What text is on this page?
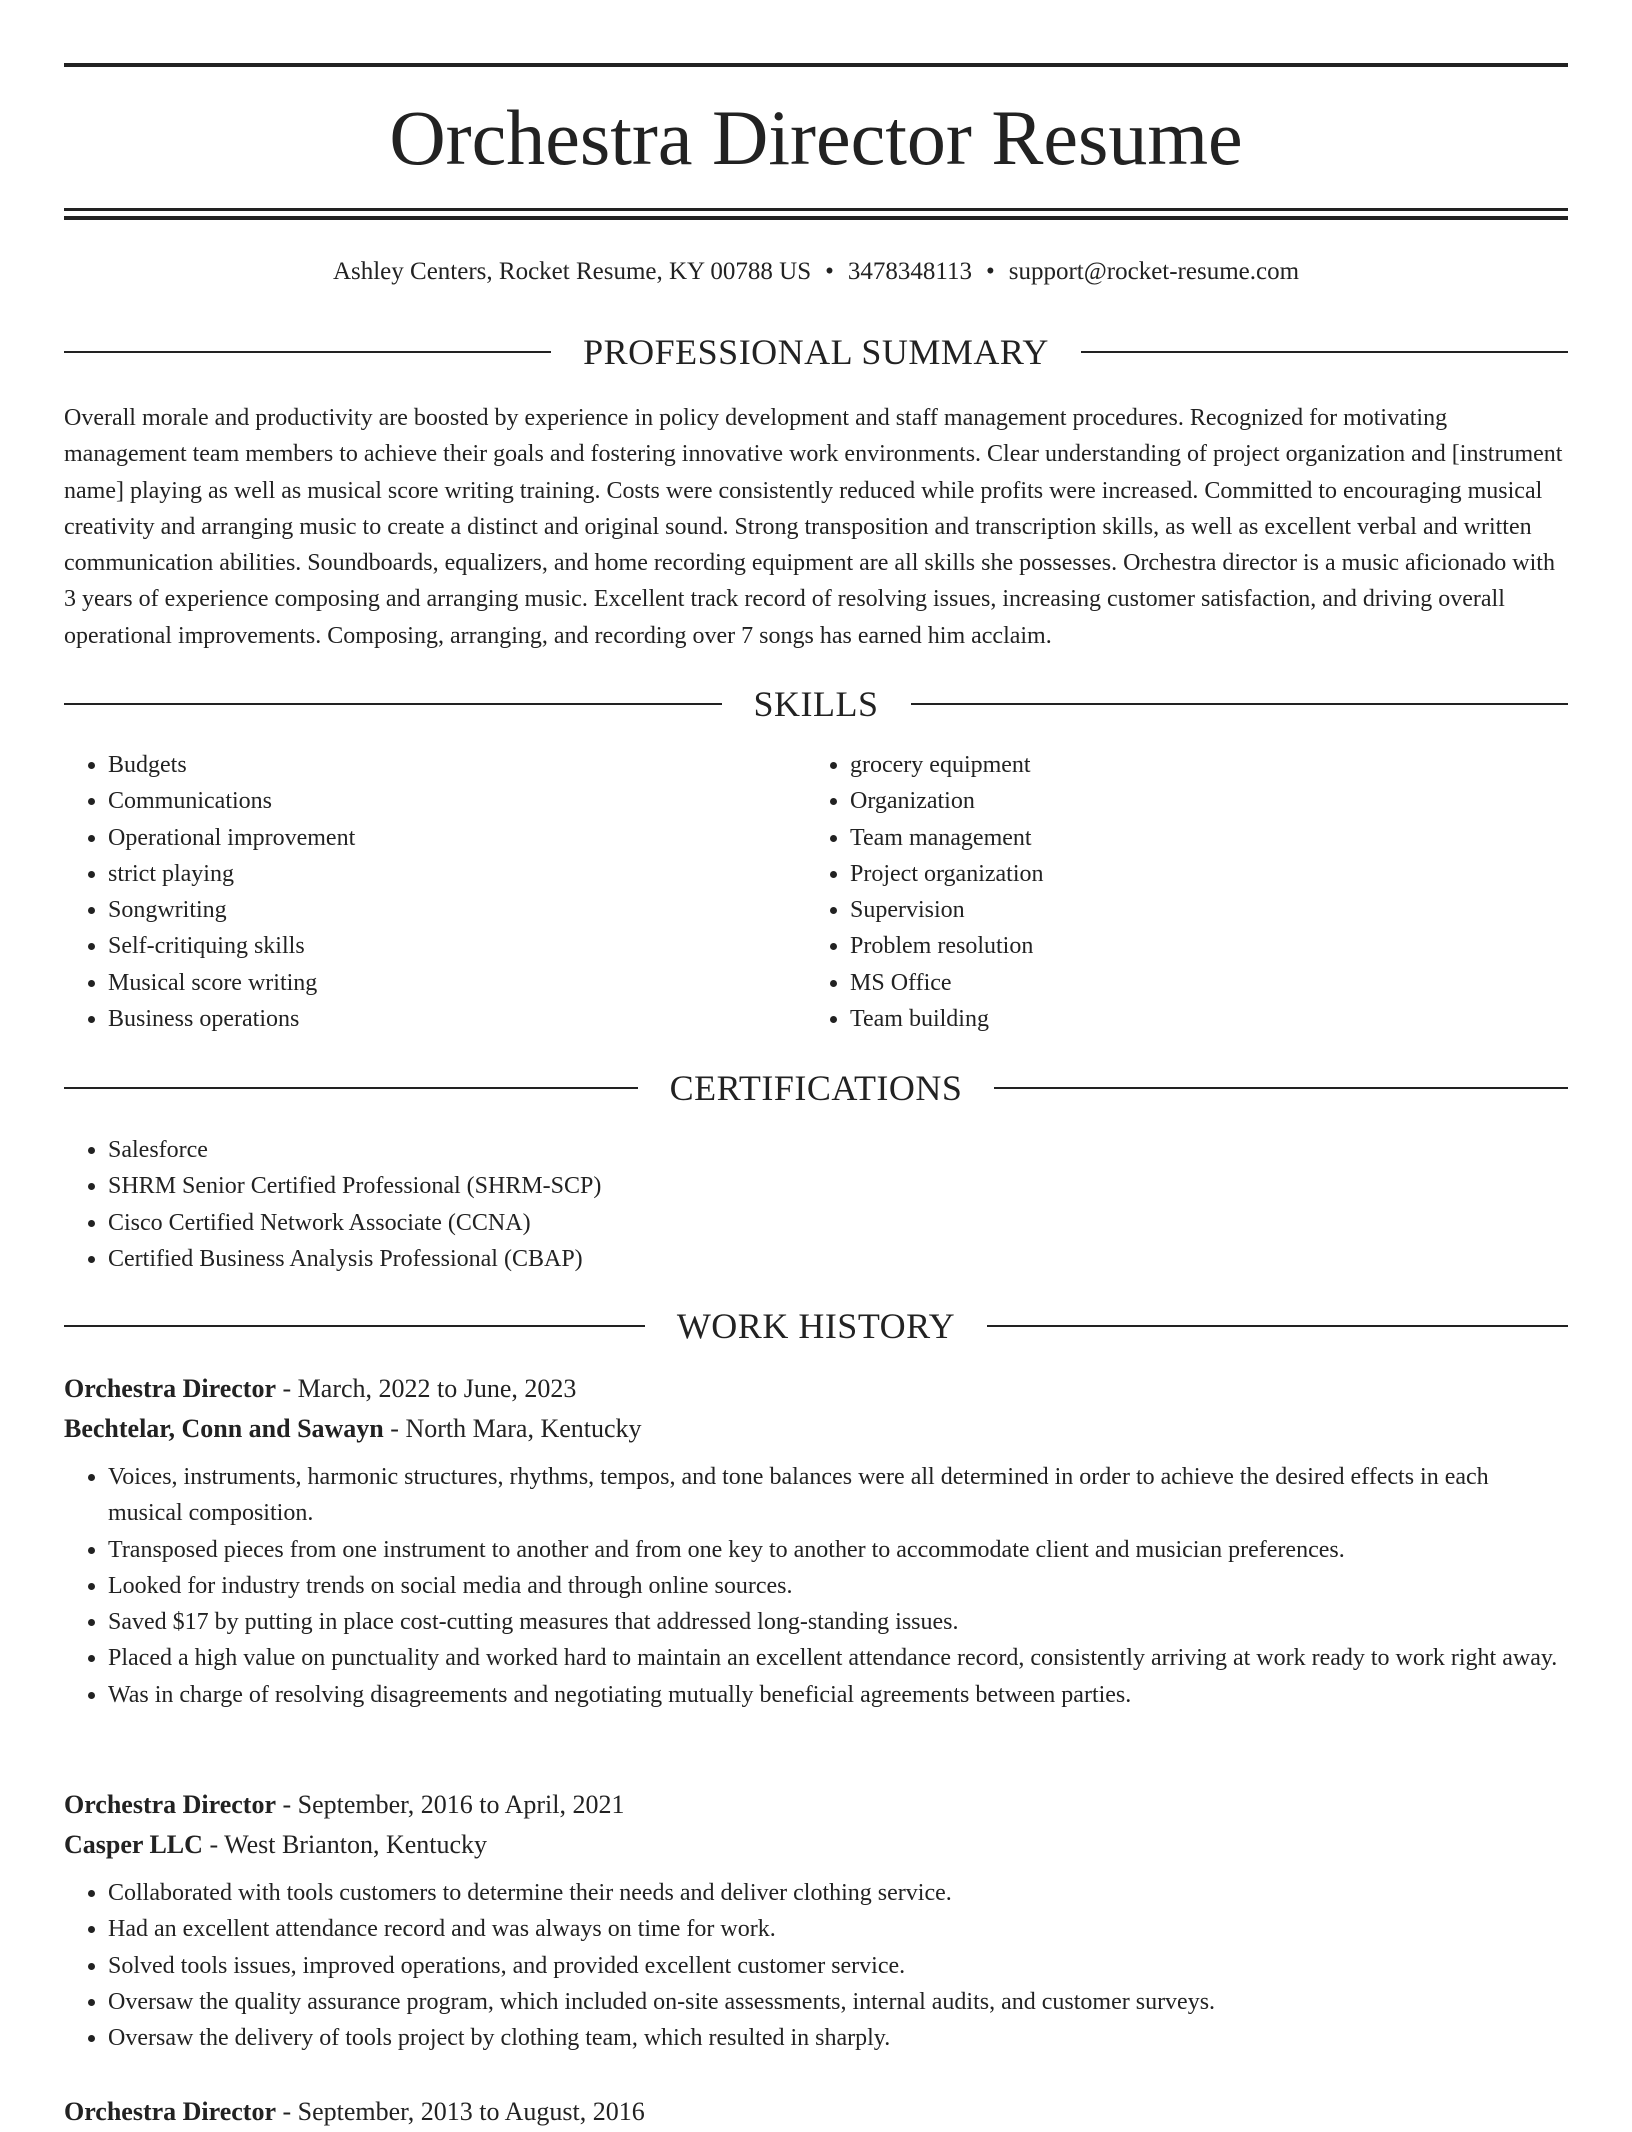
Orchestra Director Resume
Ashley Centers, Rocket Resume, KY 00788 US • 3478348113 • support@rocket-resume.com
PROFESSIONAL SUMMARY

Overall morale and productivity are boosted by experience in policy development and staff management procedures. Recognized for motivating management team members to achieve their goals and fostering innovative work environments. Clear understanding of project organization and [instrument name] playing as well as musical score writing training. Costs were consistently reduced while profits were increased. Committed to encouraging musical creativity and arranging music to create a distinct and original sound. Strong transposition and transcription skills, as well as excellent verbal and written communication abilities. Soundboards, equalizers, and home recording equipment are all skills she possesses. Orchestra director is a music aficionado with 3 years of experience composing and arranging music. Excellent track record of resolving issues, increasing customer satisfaction, and driving overall operational improvements. Composing, arranging, and recording over 7 songs has earned him acclaim.

SKILLS
• Budgets
• Communications
• Operational improvement
• strict playing
• Songwriting
• Self-critiquing skills
• Musical score writing
• Business operations
• grocery equipment
• Organization
• Team management
• Project organization
• Supervision
• Problem resolution
• MS Office
• Team building
CERTIFICATIONS
• Salesforce
• SHRM Senior Certified Professional (SHRM-SCP)
• Cisco Certified Network Associate (CCNA)
• Certified Business Analysis Professional (CBAP)
WORK HISTORY
Orchestra Director - March, 2022 to June, 2023
Bechtelar, Conn and Sawayn - North Mara, Kentucky
• Voices, instruments, harmonic structures, rhythms, tempos, and tone balances were all determined in order to achieve the desired effects in each musical composition.
• Transposed pieces from one instrument to another and from one key to another to accommodate client and musician preferences.
• Looked for industry trends on social media and through online sources.
• Saved $17 by putting in place cost-cutting measures that addressed long-standing issues.
• Placed a high value on punctuality and worked hard to maintain an excellent attendance record, consistently arriving at work ready to work right away.
• Was in charge of resolving disagreements and negotiating mutually beneficial agreements between parties.
Orchestra Director - September, 2016 to April, 2021
Casper LLC - West Brianton, Kentucky
• Collaborated with tools customers to determine their needs and deliver clothing service.
• Had an excellent attendance record and was always on time for work.
• Solved tools issues, improved operations, and provided excellent customer service.
• Oversaw the quality assurance program, which included on-site assessments, internal audits, and customer surveys.
• Oversaw the delivery of tools project by clothing team, which resulted in sharply.
Orchestra Director - September, 2013 to August, 2016
